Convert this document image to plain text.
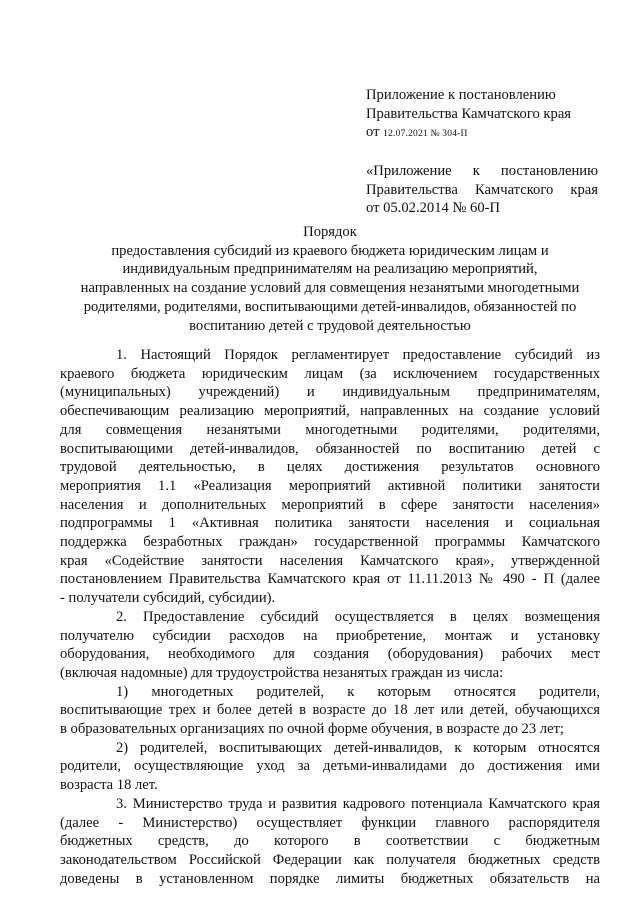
Приложение к постановлению
Правительства Камчатского края
от 12.07.2021 № 304-П
«Приложение к постановлению
Правительства Камчатского края
от 05.02.2014 № 60-П
Порядок
предоставления субсидий из краевого бюджета юридическим лицам и
индивидуальным предпринимателям на реализацию мероприятий,
направленных на создание условий для совмещения незанятыми многодетными
родителями, родителями, воспитывающими детей-инвалидов, обязанностей по
воспитанию детей с трудовой деятельностью
1. Настоящий Порядок регламентирует предоставление субсидий из
краевого бюджета юридическим лицам (за исключением государственных
(муниципальных) учреждений) и индивидуальным предпринимателям,
обеспечивающим реализацию мероприятий, направленных на создание условий
для совмещения незанятыми многодетными родителями, родителями,
воспитывающими детей-инвалидов, обязанностей по воспитанию детей с
трудовой деятельностью, в целях достижения результатов основного
мероприятия 1.1 «Реализация мероприятий активной политики занятости
населения и дополнительных мероприятий в сфере занятости населения»
подпрограммы 1 «Активная политика занятости населения и социальная
поддержка безработных граждан» государственной программы Камчатского
края «Содействие занятости населения Камчатского края», утвержденной
постановлением Правительства Камчатского края от 11.11.2013 № 490 - П (далее
- получатели субсидий, субсидии).
2. Предоставление субсидий осуществляется в целях возмещения
получателю субсидии расходов на приобретение, монтаж и установку
оборудования, необходимого для создания (оборудования) рабочих мест
(включая надомные) для трудоустройства незанятых граждан из числа:
1) многодетных родителей, к которым относятся родители,
воспитывающие трех и более детей в возрасте до 18 лет или детей, обучающихся
в образовательных организациях по очной форме обучения, в возрасте до 23 лет;
2) родителей, воспитывающих детей-инвалидов, к которым относятся
родители, осуществляющие уход за детьми-инвалидами до достижения ими
возраста 18 лет.
3. Министерство труда и развития кадрового потенциала Камчатского края
(далее - Министерство) осуществляет функции главного распорядителя
бюджетных средств, до которого в соответствии с бюджетным
законодательством Российской Федерации как получателя бюджетных средств
доведены в установленном порядке лимиты бюджетных обязательств на
